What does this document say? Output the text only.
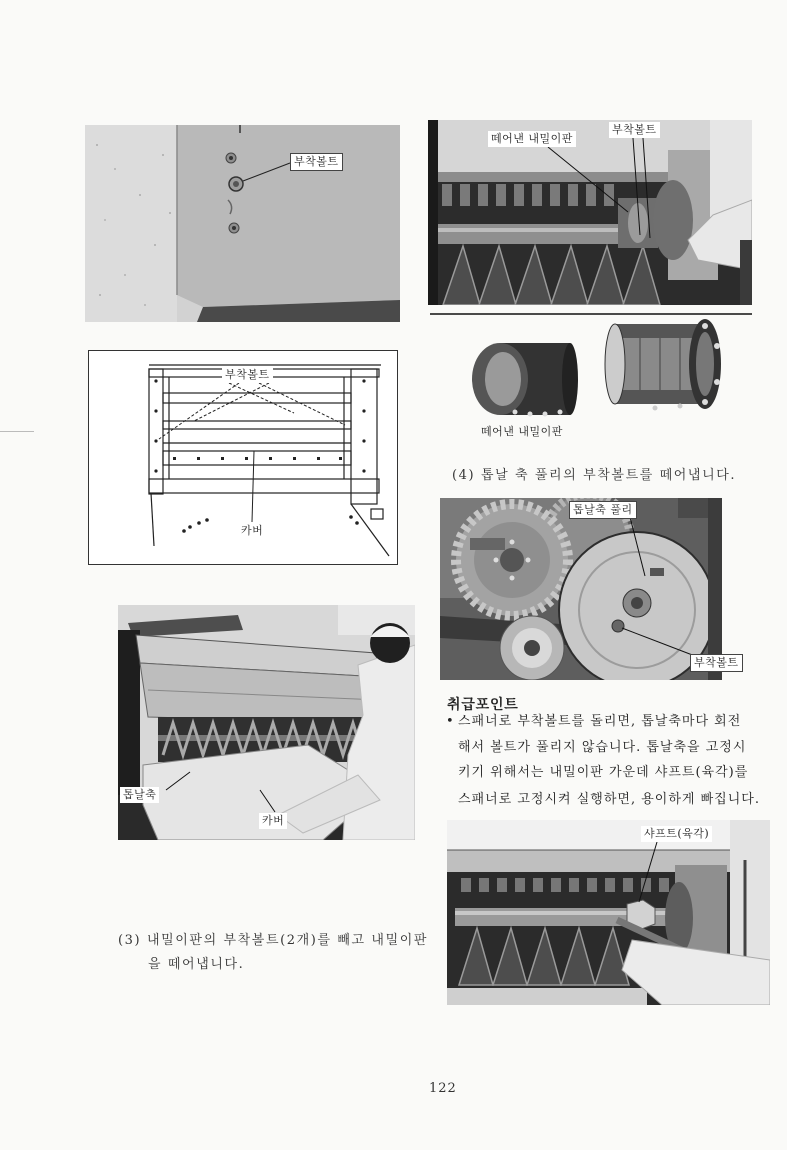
부착볼트
떼어낸 내밀이판
부착볼트
떼어낸 내밀이판
부착볼트
카버
(4) 톱날 축 풀리의 부착볼트를 떼어냅니다.
톱날축 풀리
부착볼트
취급포인트
• 스패너로 부착볼트를 돌리면, 톱날축마다 회전
해서 볼트가 풀리지 않습니다. 톱날축을 고정시
키기 위해서는 내밀이판 가운데 샤프트(육각)를
스패너로 고정시켜 실행하면, 용이하게 빠집니다.
톱날축
카버
샤프트(육각)
(3) 내밀이판의 부착볼트(2개)를 빼고 내밀이판
을 떼어냅니다.
122
